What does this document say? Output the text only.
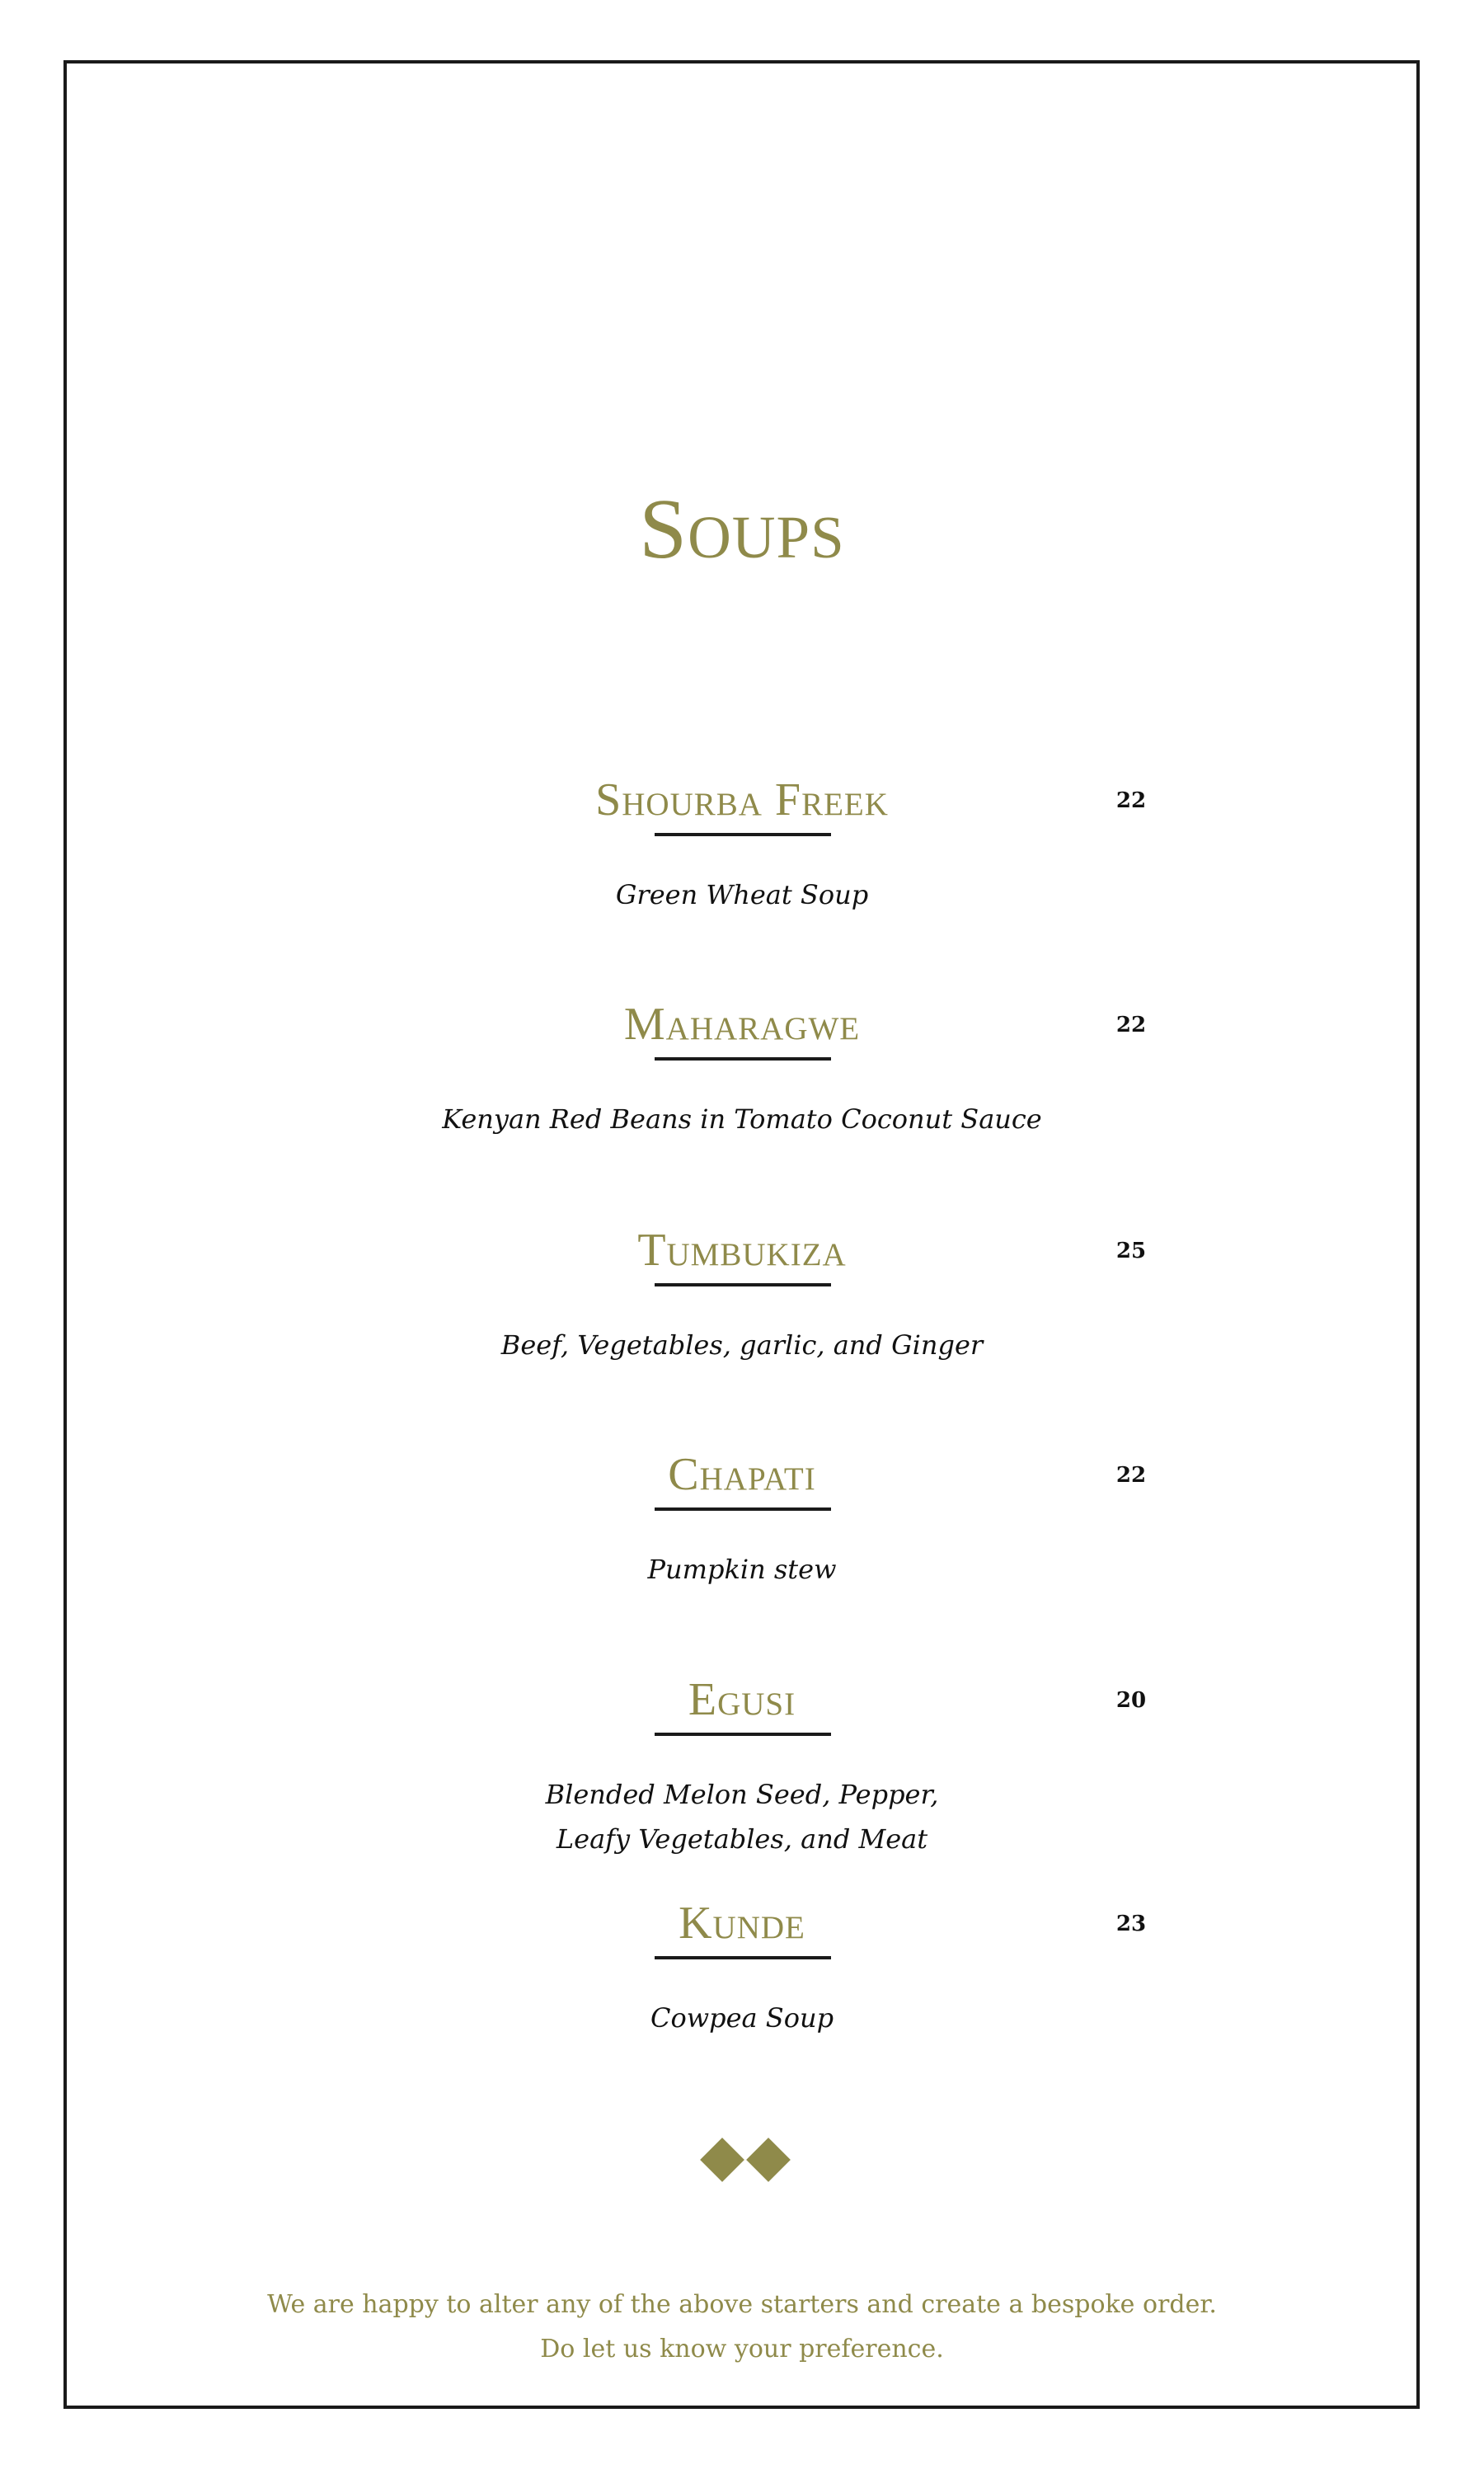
Soups
Shourba Freek	22
Green Wheat Soup
Maharagwe	22
Kenyan Red Beans in Tomato Coconut Sauce
Tumbukiza	25
Beef, Vegetables, garlic, and Ginger
Chapati	22
Pumpkin stew
Egusi	20
Blended Melon Seed, Pepper,
Leafy Vegetables, and Meat
Kunde	23
Cowpea Soup
We are happy to alter any of the above starters and create a bespoke order.
Do let us know your preference.
